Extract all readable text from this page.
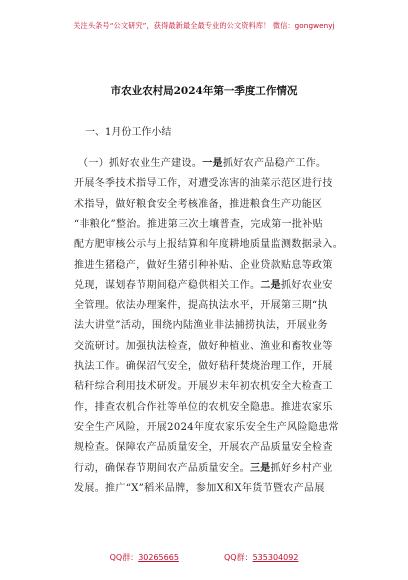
关注头条号“公文研究”，获得最新最全最专业的公文资料库！ 微信：gongwenyj
市农业农村局2024年第一季度工作情况
一、1月份工作小结
（一）抓好农业生产建设。一是抓好农产品稳产工作。
开展冬季技术指导工作，对遭受冻害的油菜示范区进行技
术指导，做好粮食安全考核准备，推进粮食生产功能区
“非粮化”整治。推进第三次土壤普查，完成第一批补贴
配方肥审核公示与上报结算和年度耕地质量监测数据录入。
推进生猪稳产，做好生猪引种补贴、企业贷款贴息等政策
兑现，谋划春节期间稳产稳供相关工作。二是抓好农业安
全管理。依法办理案件，提高执法水平，开展第三期“执
法大讲堂”活动，围绕内陆渔业非法捕捞执法，开展业务
交流研讨。加强执法检查，做好种植业、渔业和畜牧业等
执法工作。确保沼气安全，做好秸秆焚烧治理工作，开展
秸秆综合利用技术研发。开展岁末年初农机安全大检查工
作，排查农机合作社等单位的农机安全隐患。推进农家乐
安全生产风险，开展2024年度农家乐安全生产风险隐患常
规检查。保障农产品质量安全，开展农产品质量安全检查
行动，确保春节期间农产品质量安全。三是抓好乡村产业
发展。推广“X”稻米品牌，参加X和X年货节暨农产品展
QQ群：30265665	QQ群：535304092
